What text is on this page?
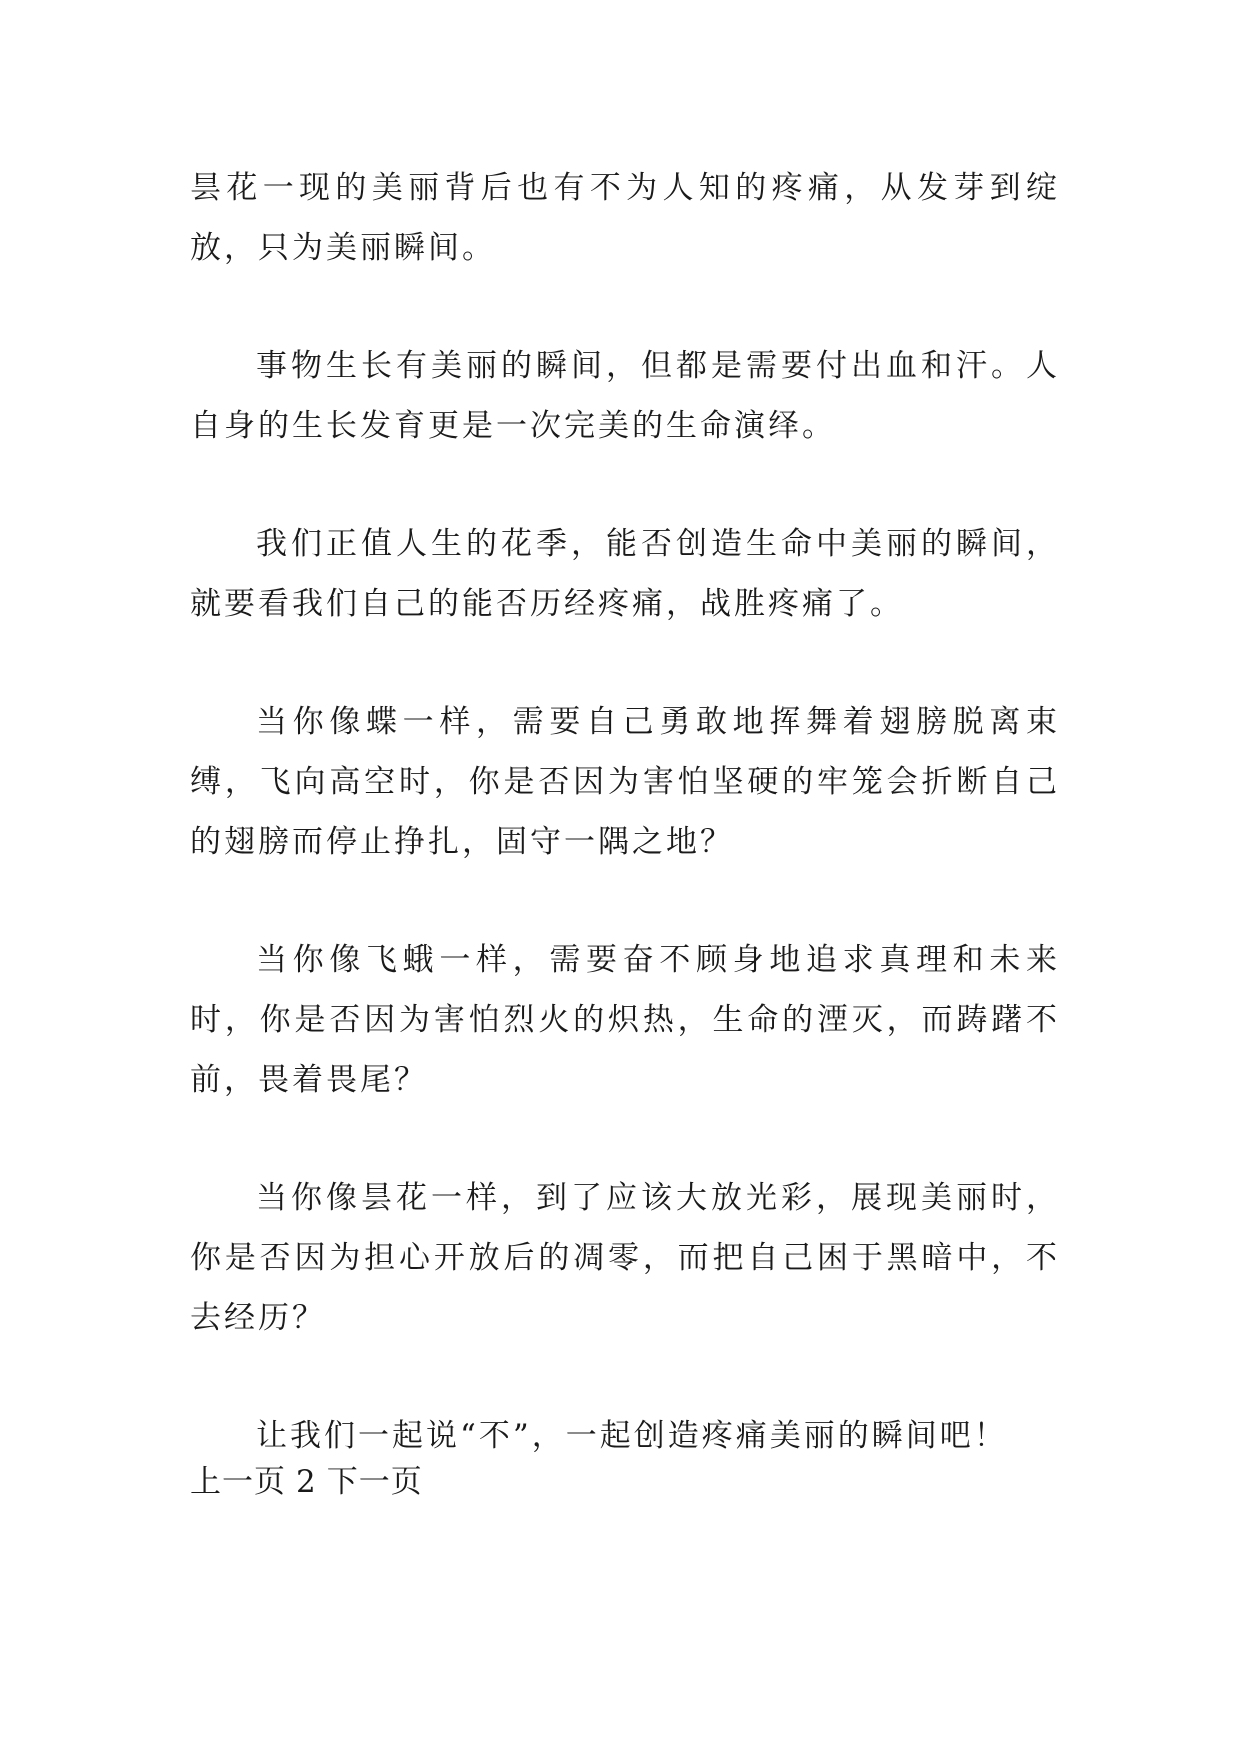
昙花一现的美丽背后也有不为人知的疼痛，从发芽到绽放，只为美丽瞬间。

事物生长有美丽的瞬间，但都是需要付出血和汗。人自身的生长发育更是一次完美的生命演绎。

我们正值人生的花季，能否创造生命中美丽的瞬间，就要看我们自己的能否历经疼痛，战胜疼痛了。

当你像蝶一样，需要自己勇敢地挥舞着翅膀脱离束缚，飞向高空时，你是否因为害怕坚硬的牢笼会折断自己的翅膀而停止挣扎，固守一隅之地？

当你像飞蛾一样，需要奋不顾身地追求真理和未来时，你是否因为害怕烈火的炽热，生命的湮灭，而踌躇不前，畏着畏尾？

当你像昙花一样，到了应该大放光彩，展现美丽时，你是否因为担心开放后的凋零，而把自己困于黑暗中，不去经历？

让我们一起说“不”，一起创造疼痛美丽的瞬间吧！

上一页 2 下一页
